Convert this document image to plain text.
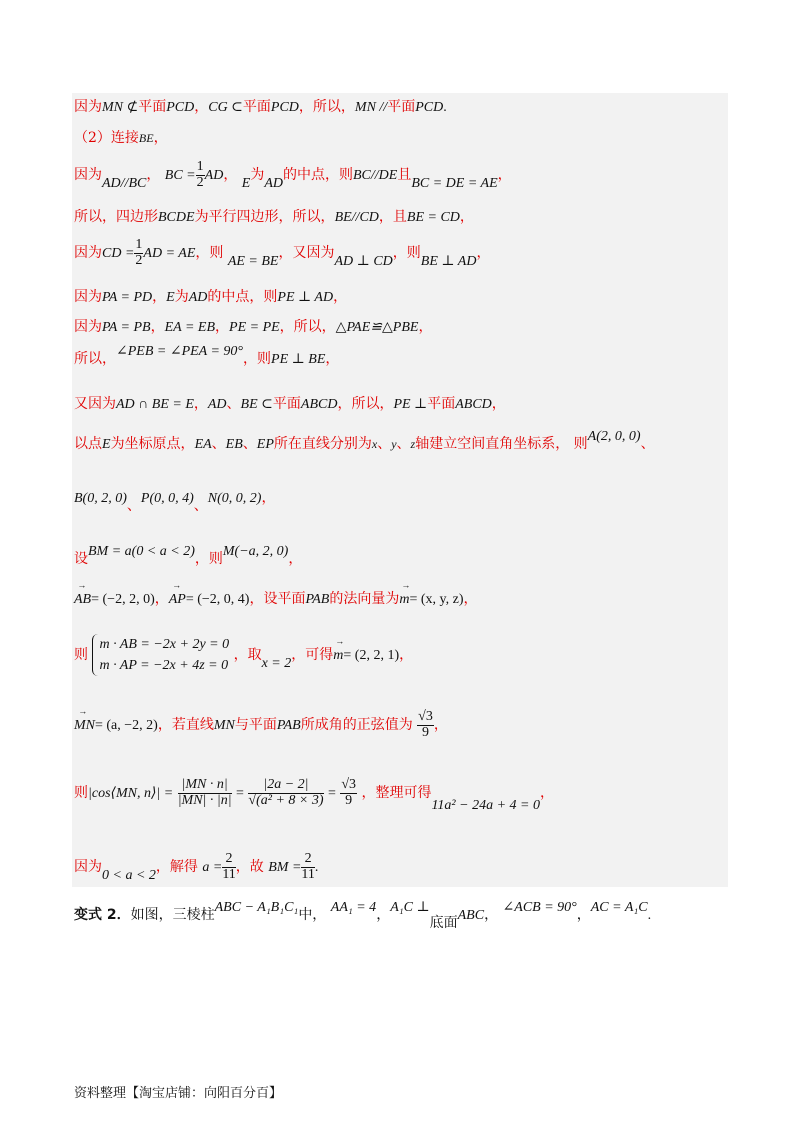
因为MN ⊄平面PCD，CG ⊂平面PCD，所以，MN //平面PCD.
（2）连接BE，
因为AD//BC， BC = $\frac{1}{2}$ AD， E为AD的中点，则BC//DE且BC = DE = AE，
所以，四边形BCDE为平行四边形，所以，BE//CD，且BE = CD，
因为CD = $\frac{1}{2}$ AD = AE，则 AE = BE，又因为AD ⊥ CD，则BE ⊥ AD，
因为PA = PD，E为AD的中点，则PE ⊥ AD，
因为PA = PB，EA = EB，PE = PE，所以，△PAE≌△PBE，
所以，∠PEB = ∠PEA = 90°，则PE ⊥ BE，
又因为AD ∩ BE = E，AD、BE ⊂平面ABCD，所以，PE ⊥平面ABCD，
以点E为坐标原点，EA、EB、EP所在直线分别为x、y、z轴建立空间直角坐标系， 则A(2, 0, 0)、
B(0, 2, 0)、P(0, 0, 4)、N(0, 0, 2)，
设BM = a(0 < a < 2)，则M(−a, 2, 0)，
→ AB= (−2, 2, 0)，→ AP= (−2, 0, 4)，设平面PAB的法向量为→ m= (x, y, z)，
则
m · AB = −2x + 2y = 0
m · AP = −2x + 4z = 0
，取x = 2，可得→ m= (2, 2, 1)，
→ MN= (a, −2, 2)，若直线MN与平面PAB所成角的正弦值为 $\frac{√3}{9}$ ，
则|cos⟨MN, n⟩| = $\frac{|MN \cdot n|}{|MN| \cdot |n|} = \frac{|2a - 2|}{\text{√(a² + 8 × 3)}} = \frac{√3}{9}$ ，整理可得11a² − 24a + 4 = 0，
因为0 < a < 2，解得 $a = \frac{2}{11}$ ，故 BM = $\frac{2}{11}$ .
变式 2．如图，三棱柱ABC − A₁B₁C₁中， AA₁ = 4，A₁C ⊥底面ABC， ∠ACB = 90°，AC = A₁C.
资料整理【淘宝店铺：向阳百分百】
